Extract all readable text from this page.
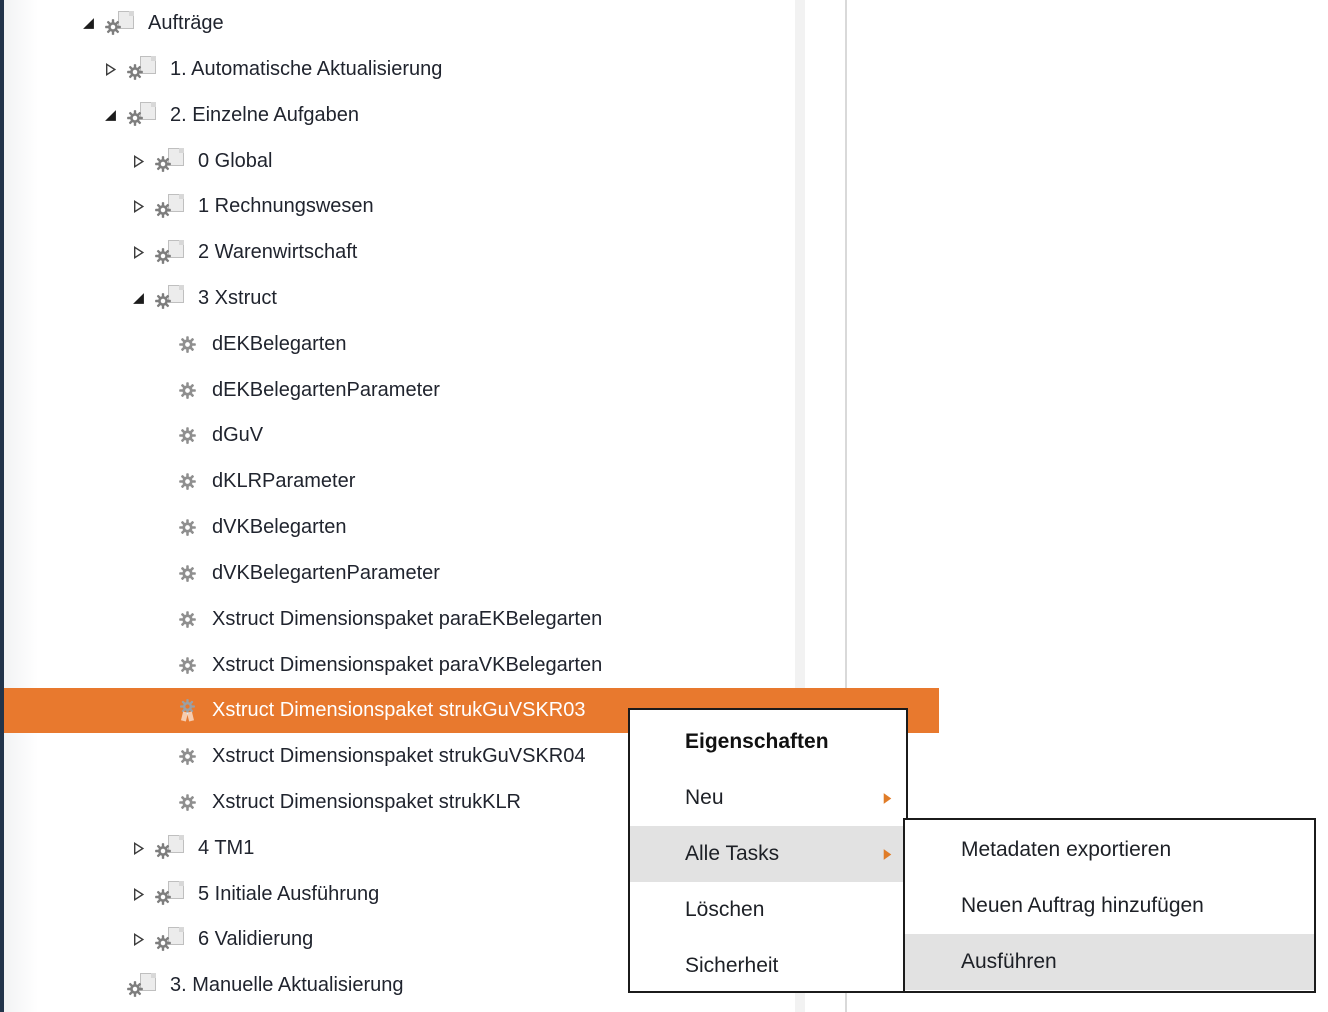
Aufträge
1. Automatische Aktualisierung
2. Einzelne Aufgaben
0 Global
1 Rechnungswesen
2 Warenwirtschaft
3 Xstruct
dEKBelegarten
dEKBelegartenParameter
dGuV
dKLRParameter
dVKBelegarten
dVKBelegartenParameter
Xstruct Dimensionspaket paraEKBelegarten
Xstruct Dimensionspaket paraVKBelegarten
Xstruct Dimensionspaket strukGuVSKR03
Xstruct Dimensionspaket strukGuVSKR04
Xstruct Dimensionspaket strukKLR
4 TM1
5 Initiale Ausführung
6 Validierung
3. Manuelle Aktualisierung
Eigenschaften
Neu
Alle Tasks
Löschen
Sicherheit
Metadaten exportieren
Neuen Auftrag hinzufügen
Ausführen
